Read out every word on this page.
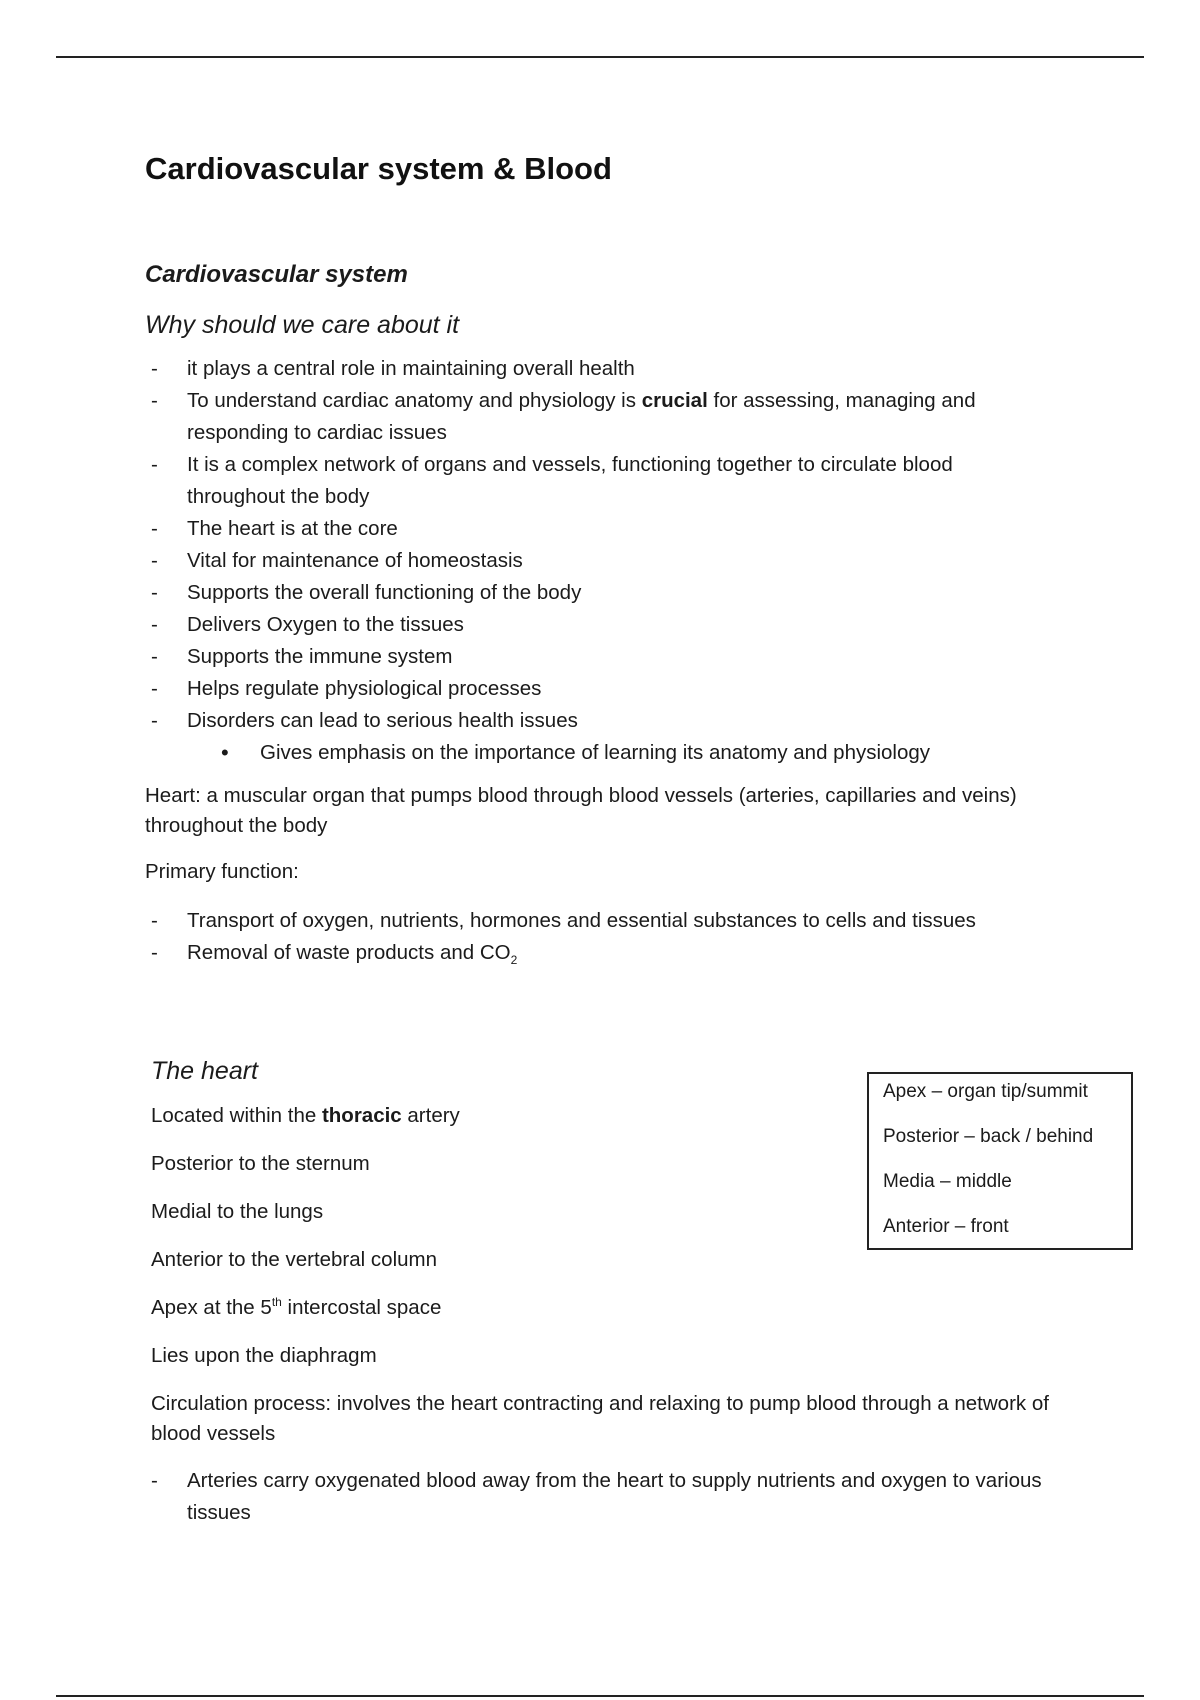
Cardiovascular system & Blood
Cardiovascular system
Why should we care about it
- it plays a central role in maintaining overall health
- To understand cardiac anatomy and physiology is crucial for assessing, managing and responding to cardiac issues
- It is a complex network of organs and vessels, functioning together to circulate blood throughout the body
- The heart is at the core
- Vital for maintenance of homeostasis
- Supports the overall functioning of the body
- Delivers Oxygen to the tissues
- Supports the immune system
- Helps regulate physiological processes
- Disorders can lead to serious health issues
• Gives emphasis on the importance of learning its anatomy and physiology

Heart: a muscular organ that pumps blood through blood vessels (arteries, capillaries and veins) throughout the body

Primary function:

- Transport of oxygen, nutrients, hormones and essential substances to cells and tissues
- Removal of waste products and $CO_2$
The heart

Located within the thoracic artery

Posterior to the sternum

Medial to the lungs

Anterior to the vertebral column

Apex at the 5th intercostal space

Lies upon the diaphragm

Circulation process: involves the heart contracting and relaxing to pump blood through a network of blood vessels

- Arteries carry oxygenated blood away from the heart to supply nutrients and oxygen to various tissues

Apex – organ tip/summit

Posterior – back / behind

Media – middle

Anterior – front
